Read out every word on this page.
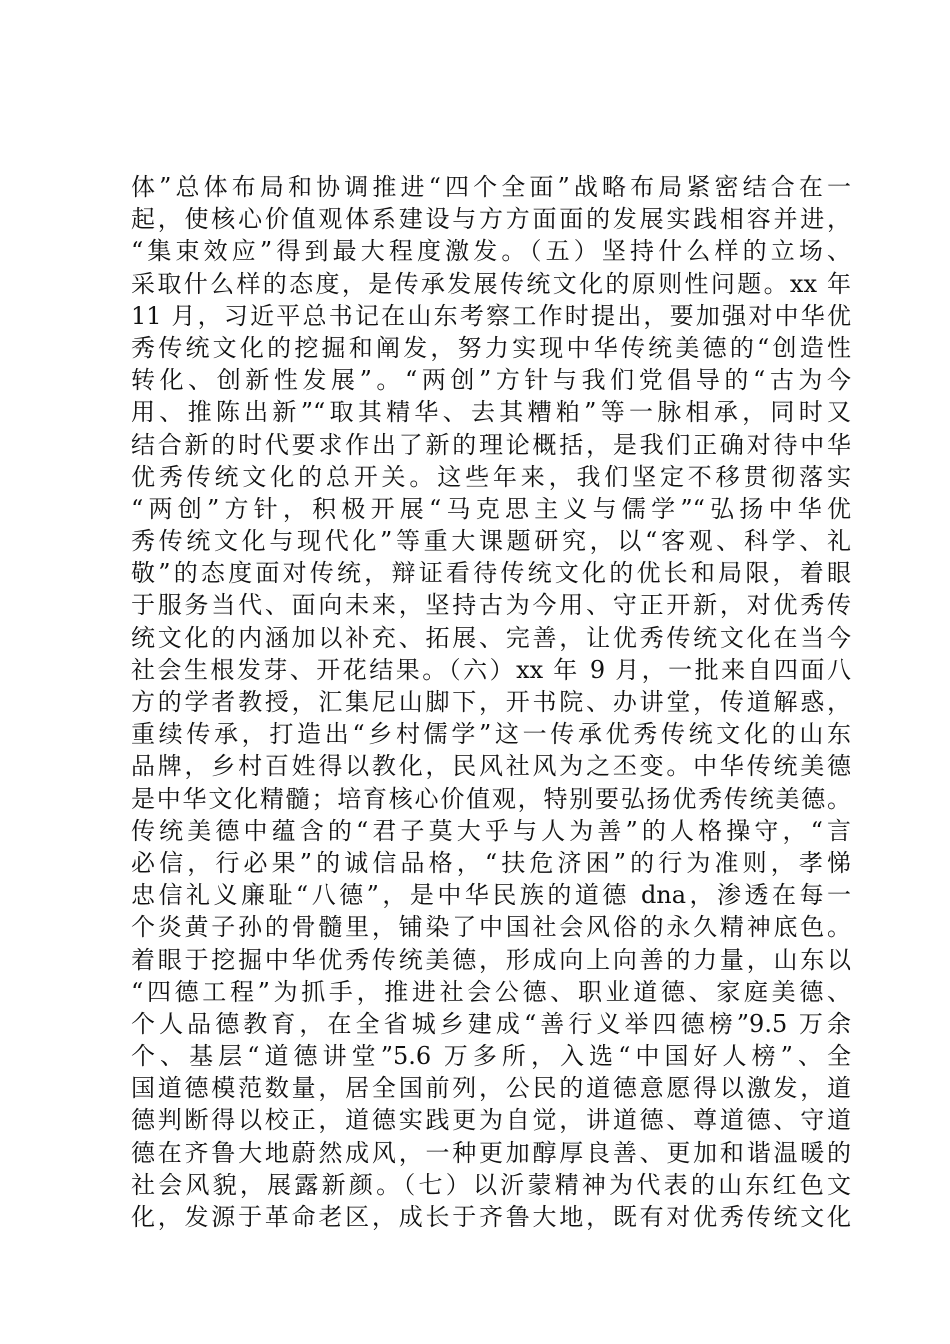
体”总体布局和协调推进“四个全面”战略布局紧密结合在一
起，使核心价值观体系建设与方方面面的发展实践相容并进，
“集束效应”得到最大程度激发。（五）坚持什么样的立场、
采取什么样的态度，是传承发展传统文化的原则性问题。xx 年
11 月，习近平总书记在山东考察工作时提出，要加强对中华优
秀传统文化的挖掘和阐发，努力实现中华传统美德的“创造性
转化、创新性发展”。“两创”方针与我们党倡导的“古为今
用、推陈出新”“取其精华、去其糟粕”等一脉相承，同时又
结合新的时代要求作出了新的理论概括，是我们正确对待中华
优秀传统文化的总开关。这些年来，我们坚定不移贯彻落实
“两创”方针，积极开展“马克思主义与儒学”“弘扬中华优
秀传统文化与现代化”等重大课题研究，以“客观、科学、礼
敬”的态度面对传统，辩证看待传统文化的优长和局限，着眼
于服务当代、面向未来，坚持古为今用、守正开新，对优秀传
统文化的内涵加以补充、拓展、完善，让优秀传统文化在当今
社会生根发芽、开花结果。（六）xx 年 9 月，一批来自四面八
方的学者教授，汇集尼山脚下，开书院、办讲堂，传道解惑，
重续传承，打造出“乡村儒学”这一传承优秀传统文化的山东
品牌，乡村百姓得以教化，民风社风为之丕变。中华传统美德
是中华文化精髓；培育核心价值观，特别要弘扬优秀传统美德。
传统美德中蕴含的“君子莫大乎与人为善”的人格操守，“言
必信，行必果”的诚信品格，“扶危济困”的行为准则，孝悌
忠信礼义廉耻“八德”，是中华民族的道德 dna，渗透在每一
个炎黄子孙的骨髓里，铺染了中国社会风俗的永久精神底色。
着眼于挖掘中华优秀传统美德，形成向上向善的力量，山东以
“四德工程”为抓手，推进社会公德、职业道德、家庭美德、
个人品德教育，在全省城乡建成“善行义举四德榜”9.5 万余
个、基层“道德讲堂”5.6 万多所，入选“中国好人榜”、全
国道德模范数量，居全国前列，公民的道德意愿得以激发，道
德判断得以校正，道德实践更为自觉，讲道德、尊道德、守道
德在齐鲁大地蔚然成风，一种更加醇厚良善、更加和谐温暖的
社会风貌，展露新颜。（七）以沂蒙精神为代表的山东红色文
化，发源于革命老区，成长于齐鲁大地，既有对优秀传统文化
